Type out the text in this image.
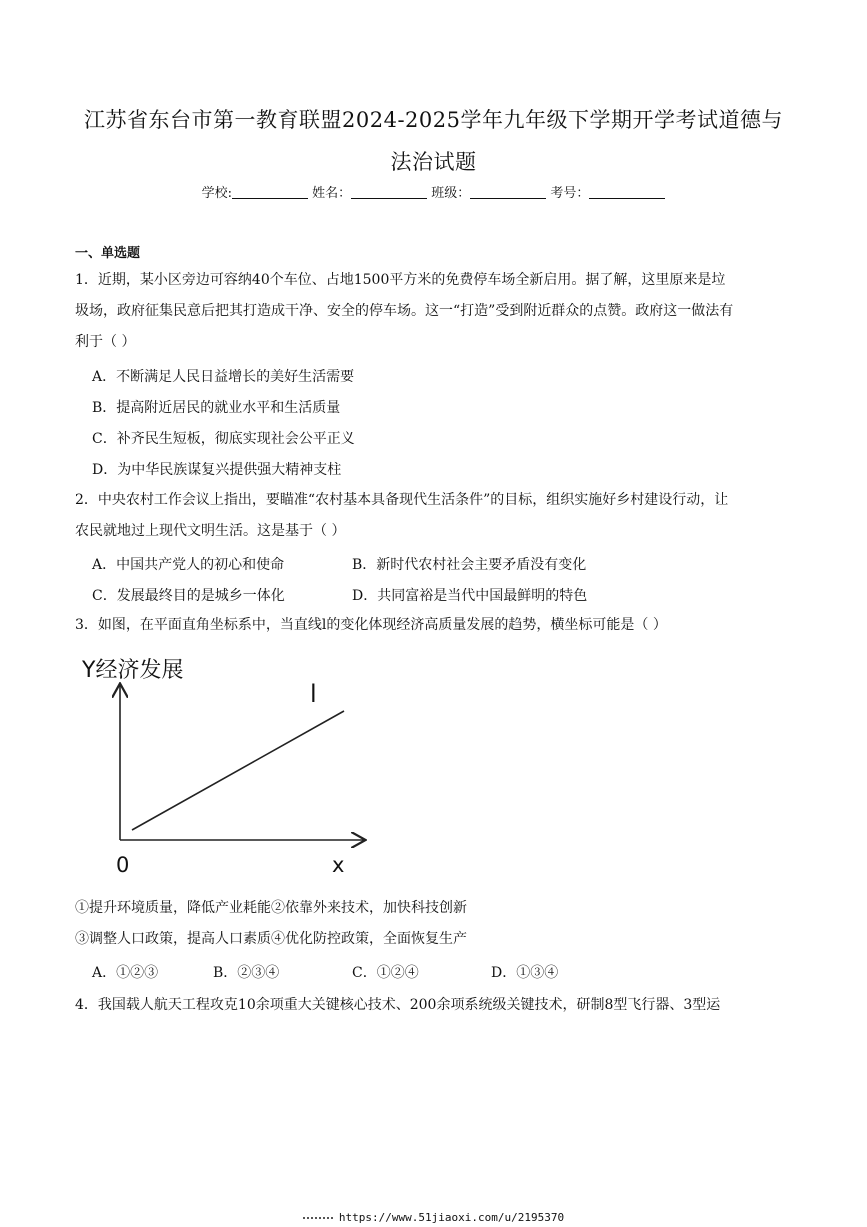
江苏省东台市第一教育联盟2024-2025学年九年级下学期开学考试道德与
法治试题
学校:	姓名：	班级：	考号：
一、单选题
1．近期，某小区旁边可容纳40个车位、占地1500平方米的免费停车场全新启用。据了解，这里原来是垃
圾场，政府征集民意后把其打造成干净、安全的停车场。这一“打造”受到附近群众的点赞。政府这一做法有
利于（ ）
A．不断满足人民日益增长的美好生活需要
B．提高附近居民的就业水平和生活质量
C．补齐民生短板，彻底实现社会公平正义
D．为中华民族谋复兴提供强大精神支柱
2．中央农村工作会议上指出，要瞄准“农村基本具备现代生活条件”的目标，组织实施好乡村建设行动，让
农民就地过上现代文明生活。这是基于（ ）
A．中国共产党人的初心和使命	B．新时代农村社会主要矛盾没有变化
C．发展最终目的是城乡一体化	D．共同富裕是当代中国最鲜明的特色
3．如图，在平面直角坐标系中，当直线l的变化体现经济高质量发展的趋势，横坐标可能是（ ）
Y经济发展
l
0	x
①提升环境质量，降低产业耗能②依靠外来技术，加快科技创新
③调整人口政策，提高人口素质④优化防控政策，全面恢复生产
A．①②③	B．②③④	C．①②④	D．①③④
4．我国载人航天工程攻克10余项重大关键核心技术、200余项系统级关键技术，研制8型飞行器、3型运
https://www.51jiaoxi.com/u/2195370
